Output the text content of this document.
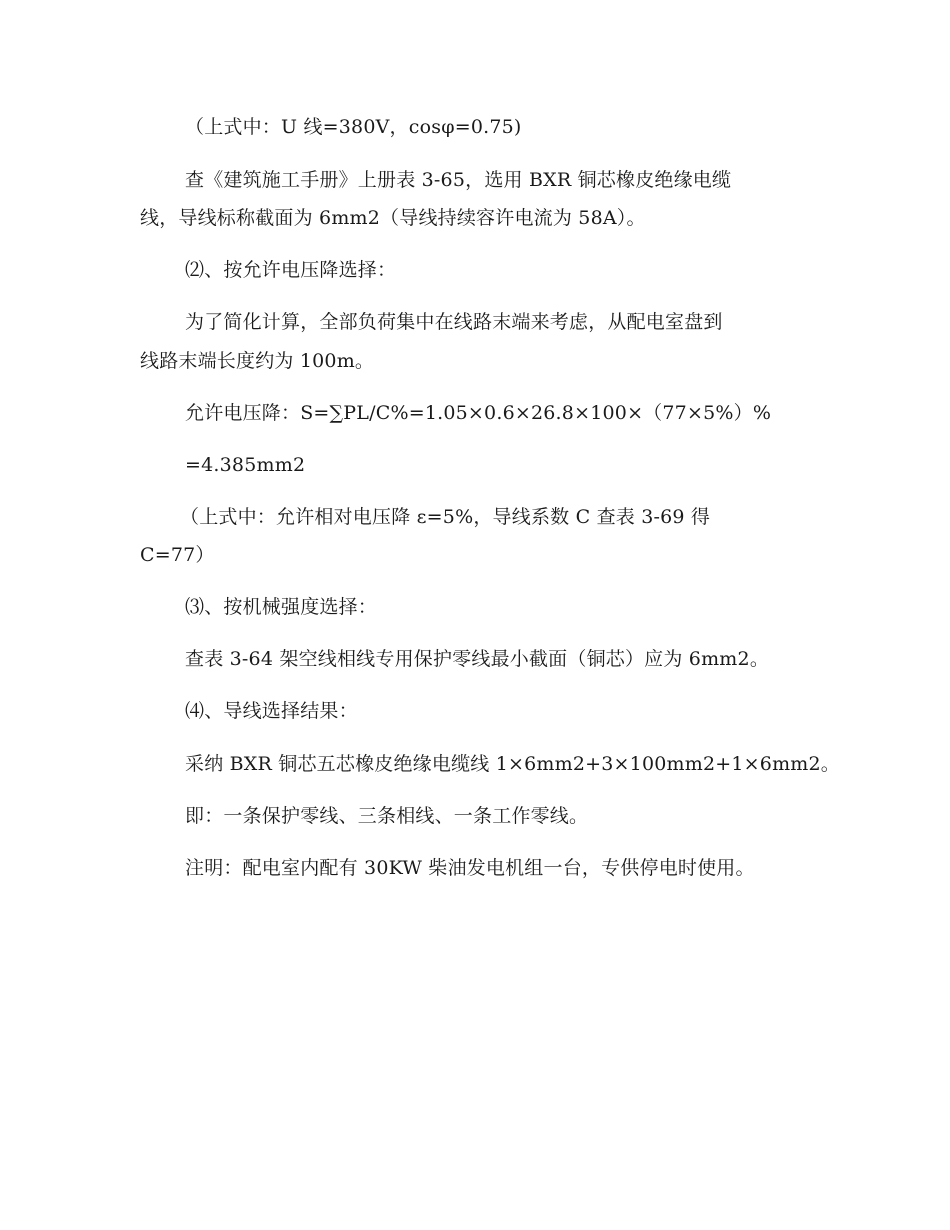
（上式中：U 线=380V，cosφ=0.75)
查《建筑施工手册》上册表 3-65，选用 BXR 铜芯橡皮绝缘电缆
线，导线标称截面为 6mm2（导线持续容许电流为 58A）。
⑵、按允许电压降选择：
为了简化计算，全部负荷集中在线路末端来考虑，从配电室盘到
线路末端长度约为 100m。
允许电压降：S=∑PL/C%=1.05×0.6×26.8×100×（77×5%）%
=4.385mm2
（上式中：允许相对电压降 ε=5%，导线系数 C 查表 3-69 得
C=77）
⑶、按机械强度选择：
查表 3-64 架空线相线专用保护零线最小截面（铜芯）应为 6mm2。
⑷、导线选择结果：
采纳 BXR 铜芯五芯橡皮绝缘电缆线 1×6mm2+3×100mm2+1×6mm2。
即：一条保护零线、三条相线、一条工作零线。
注明：配电室内配有 30KW 柴油发电机组一台，专供停电时使用。
